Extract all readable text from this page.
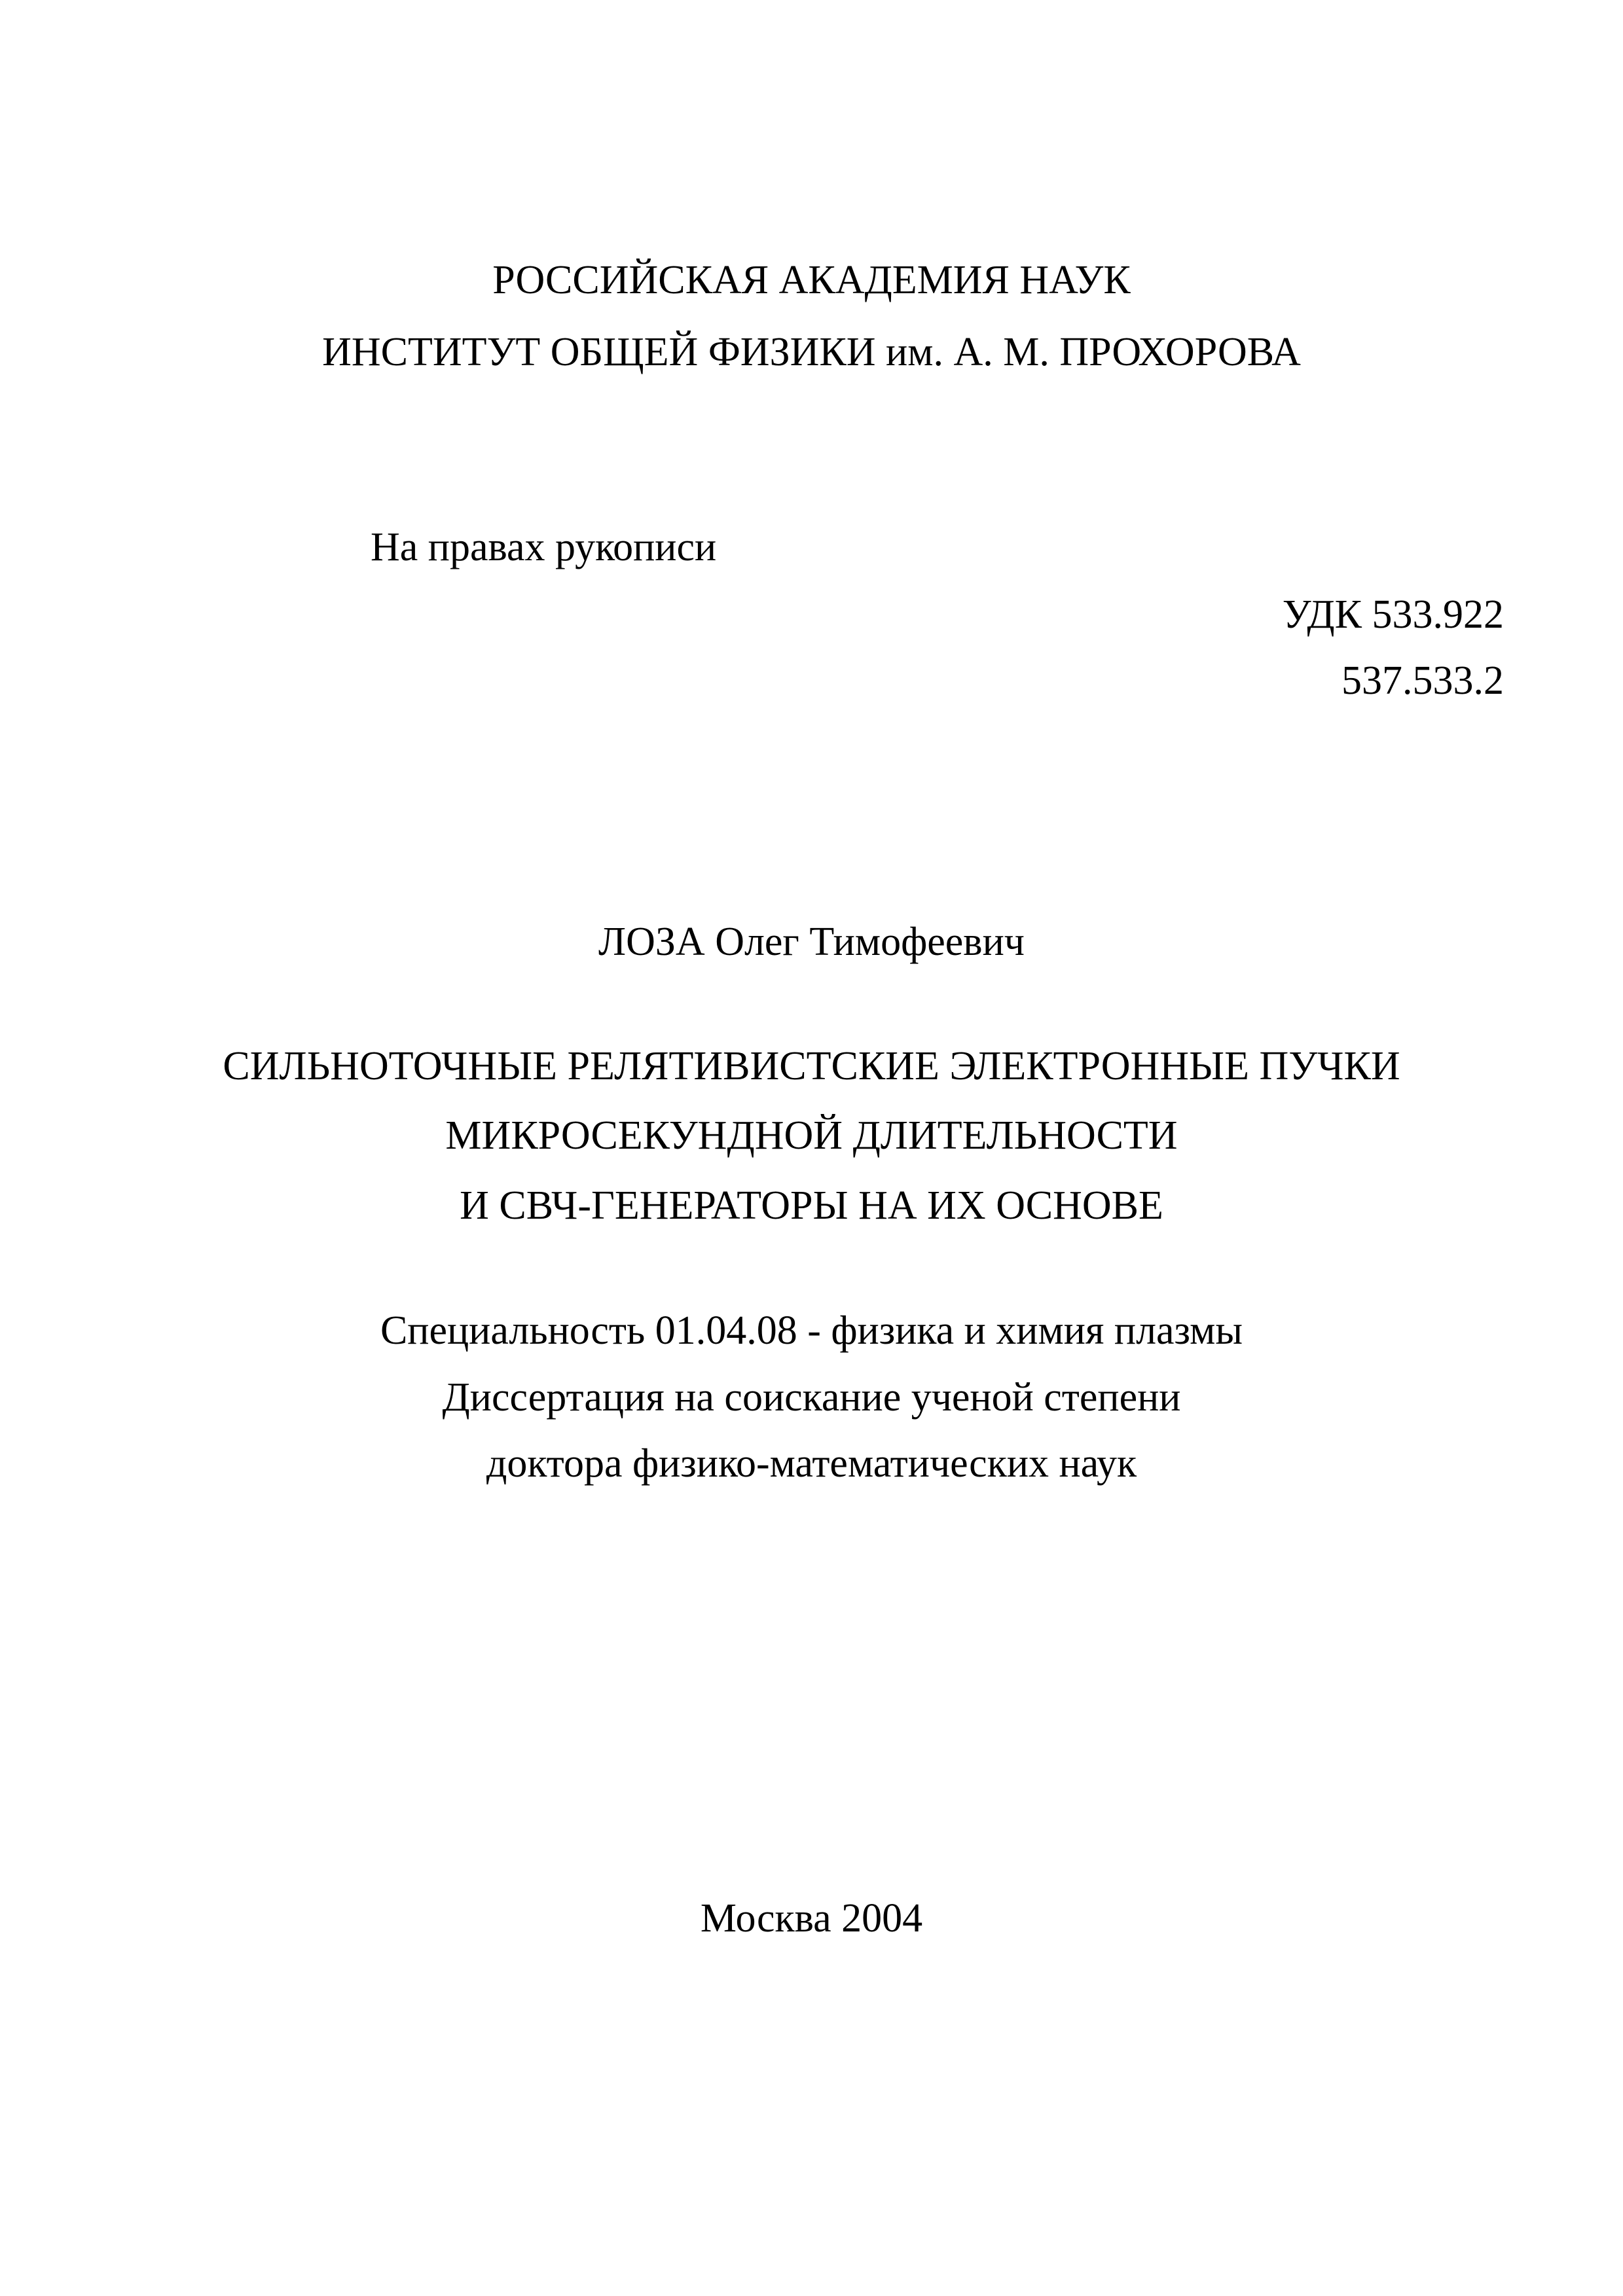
РОССИЙСКАЯ АКАДЕМИЯ НАУК
ИНСТИТУТ ОБЩЕЙ ФИЗИКИ им. А. М. ПРОХОРОВА
На правах рукописи
УДК 533.922
537.533.2
ЛОЗА Олег Тимофеевич
СИЛЬНОТОЧНЫЕ РЕЛЯТИВИСТСКИЕ ЭЛЕКТРОННЫЕ ПУЧКИ
МИКРОСЕКУНДНОЙ ДЛИТЕЛЬНОСТИ
И СВЧ-ГЕНЕРАТОРЫ НА ИХ ОСНОВЕ
Специальность 01.04.08 - физика и химия плазмы
Диссертация на соискание ученой степени
доктора физико-математических наук
Москва 2004
